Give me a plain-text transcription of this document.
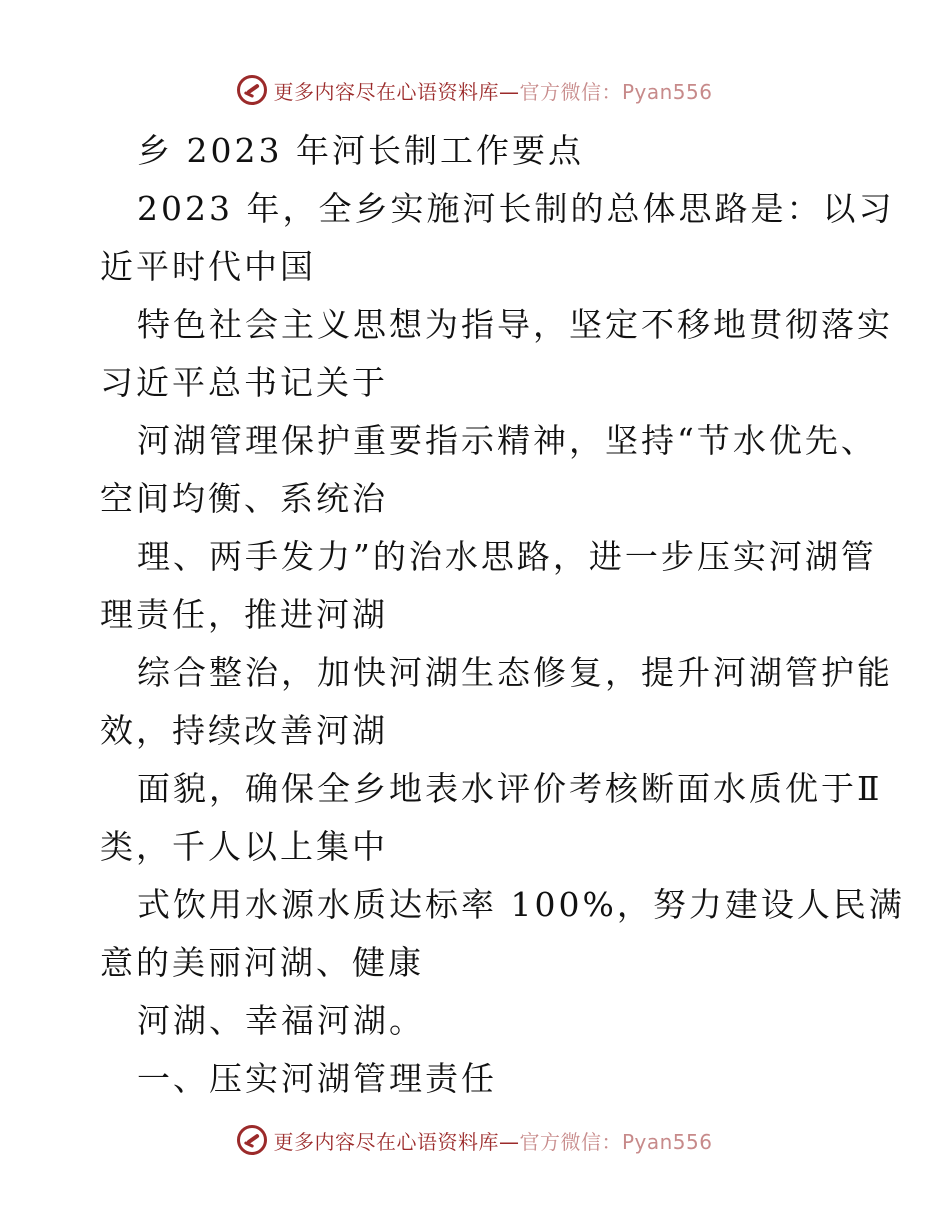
更多内容尽在心语资料库—官方微信：Pyan556
乡 2023 年河长制工作要点
2023 年，全乡实施河长制的总体思路是：以习
近平时代中国
特色社会主义思想为指导，坚定不移地贯彻落实
习近平总书记关于
河湖管理保护重要指示精神，坚持“节水优先、
空间均衡、系统治
理、两手发力”的治水思路，进一步压实河湖管
理责任，推进河湖
综合整治，加快河湖生态修复，提升河湖管护能
效，持续改善河湖
面貌，确保全乡地表水评价考核断面水质优于Ⅱ
类，千人以上集中
式饮用水源水质达标率 100%，努力建设人民满
意的美丽河湖、健康
河湖、幸福河湖。
一、压实河湖管理责任
更多内容尽在心语资料库—官方微信：Pyan556
